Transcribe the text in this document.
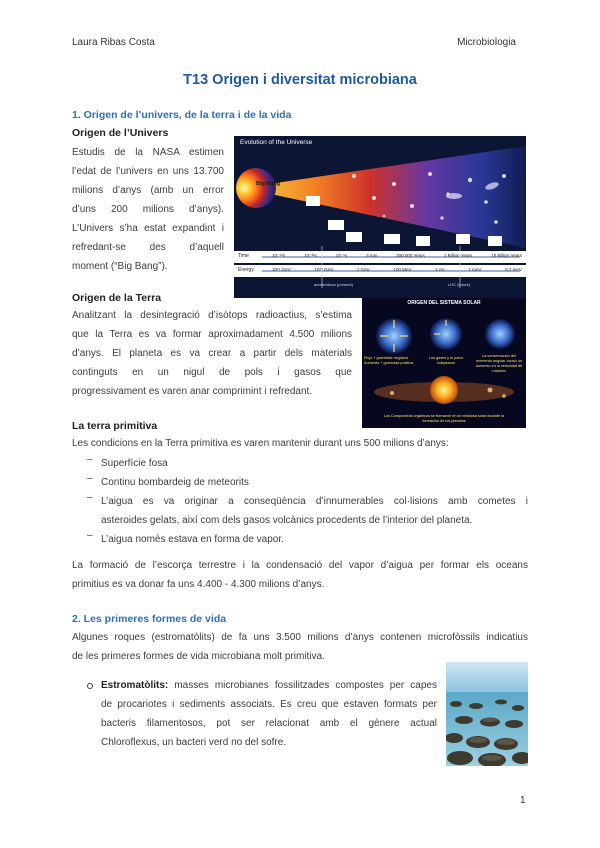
Laura Ribas Costa	Microbiologia
T13 Origen i diversitat microbiana
1. Origen de l’univers, de la terra i de la vida
Origen de l’Univers
Estudis de la NASA estimen
l’edat de l’univers en uns 13.700
milions d’anys (amb un error
d’uns 200 milions d’anys).
L’Univers s’ha estat expandint i
refredant-se des d’aquell
moment (“Big Bang”).
Evolution of the Universe
Big Bang
Time
Energy
10⁻⁴³s	10⁻³²s	10⁻⁶s	3 min	300 000 Years	1 Billion Years	15 Billion Years
10¹⁹ GeV	10¹⁵ GeV	1 GeV	100 MeV	1 eV	1 meV	0,7 meV
accelerators (present)	LHC (future)
Origen de la Terra
Analitzant la desintegració d’isòtops radioactius, s’estima
que la Terra es va formar aproximadament 4.500 milions
d’anys. El planeta es va crear a partir dels materials
continguts en un nigul de pols i gasos que
progressivament es varen anar comprimint i refredant.
ORIGEN DEL SISTEMA SOLAR
Flujo + gravedad negativa. Aumento + gravedad positiva
Los gases y el polvo colapsaron
La conservación del momento angular causó un aumento en la velocidad de rotación
Los Compuestos orgánicos se formaron en la nebulosa solar durante la formación de los planetas
La terra primitiva
Les condicions en la Terra primitiva es varen mantenir durant uns 500 milions d’anys:
– Superfície fosa
– Continu bombardeig de meteorits
– L’aigua es va originar a conseqüència d’innumerables col·lisions amb cometes i
asteroides gelats, així com dels gasos volcànics procedents de l’interior del planeta.
– L’aigua només estava en forma de vapor.
La formació de l’escorça terrestre i la condensació del vapor d’aigua per formar els oceans
primitius es va donar fa uns 4.400 - 4.300 milions d’anys.
2. Les primeres formes de vida
Algunes roques (estromatòlits) de fa uns 3.500 milions d’anys contenen microfòssils indicatius
de les primeres formes de vida microbiana molt primitiva.
Estromatòlits: masses microbianes fossilitzades compostes per capes
de procariotes i sediments associats. Es creu que estaven formats per
bacteris filamentosos, pot ser relacionat amb el gènere actual
Chloroflexus, un bacteri verd no del sofre.
1
